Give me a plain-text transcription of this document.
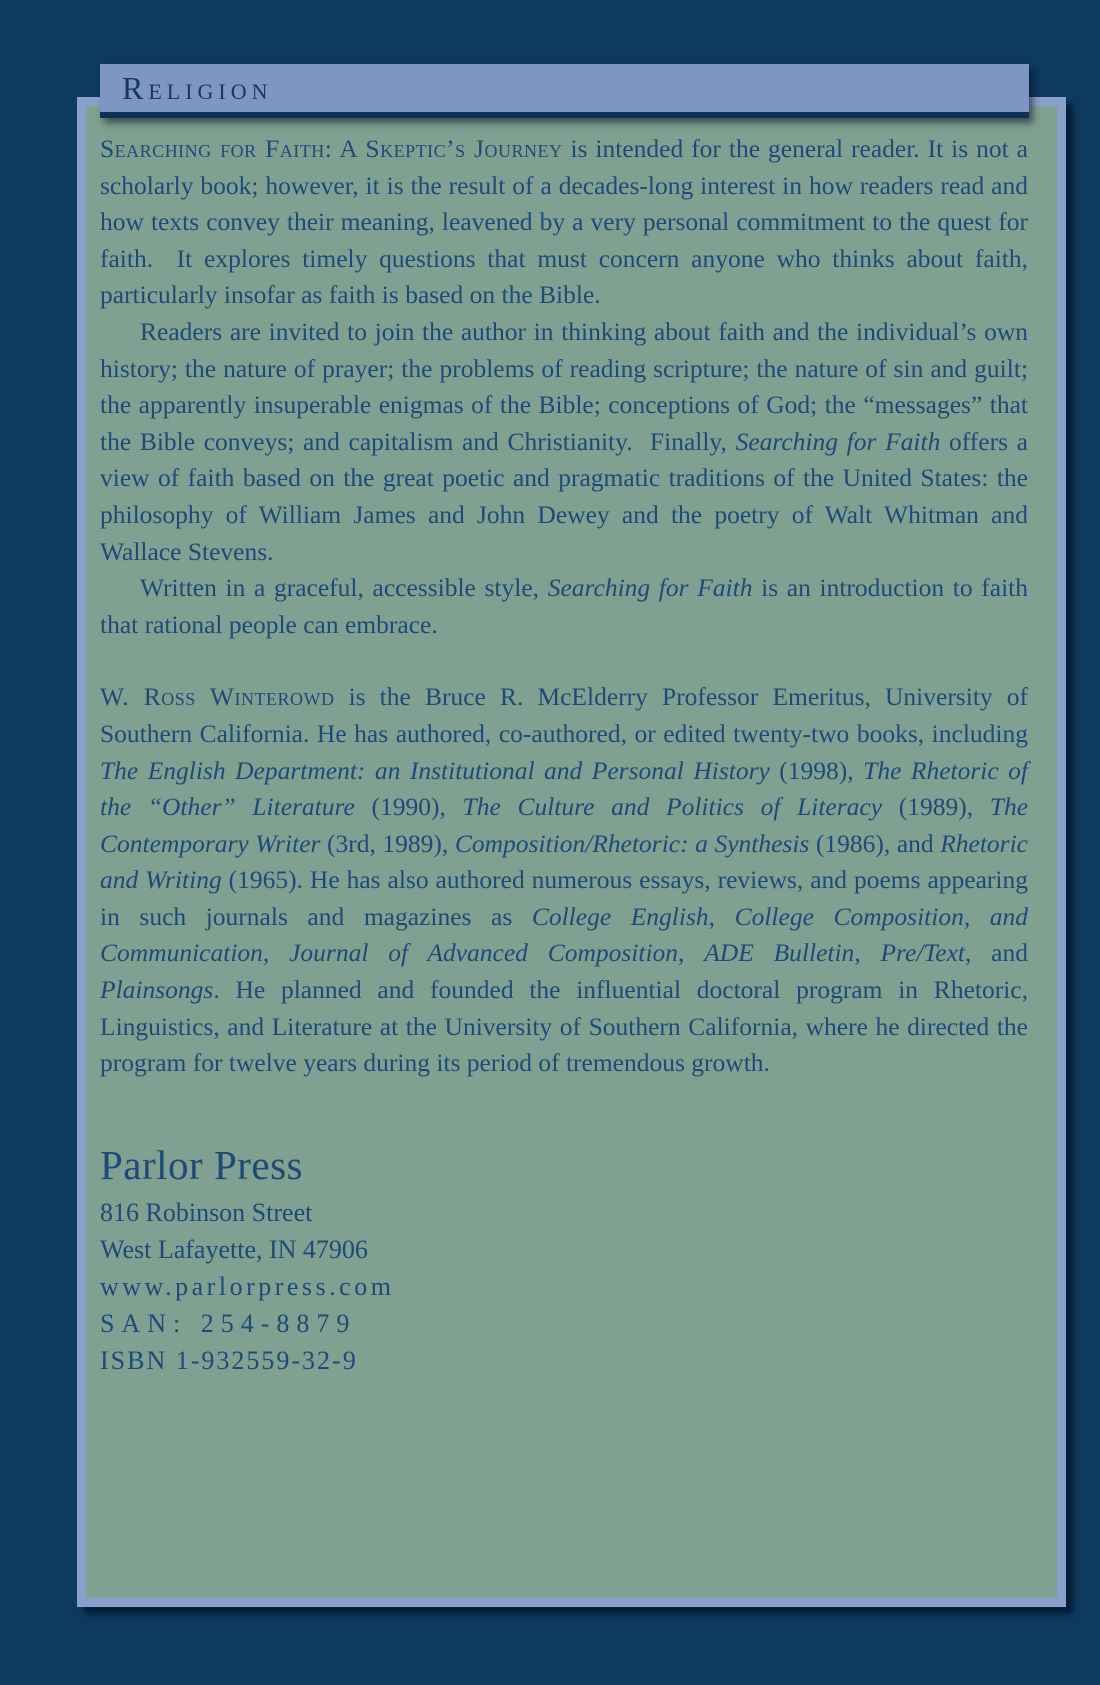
Religion

Searching for Faith: A Skeptic’s Journey is intended for the general reader. It is not a scholarly book; however, it is the result of a decades-long interest in how readers read and how texts convey their meaning, leavened by a very personal commitment to the quest for faith.  It explores timely questions that must concern anyone who thinks about faith, particularly insofar as faith is based on the Bible.

Readers are invited to join the author in thinking about faith and the individual’s own history; the nature of prayer; the problems of reading scripture; the nature of sin and guilt; the apparently insuperable enigmas of the Bible; conceptions of God; the “messages” that the Bible conveys; and capitalism and Christianity.  Finally, Searching for Faith offers a view of faith based on the great poetic and pragmatic traditions of the United States: the philosophy of William James and John Dewey and the poetry of Walt Whitman and Wallace Stevens.

Written in a graceful, accessible style, Searching for Faith is an introduction to faith that rational people can embrace.

W. Ross Winterowd is the Bruce R. McElderry Professor Emeritus, University of Southern California. He has authored, co-authored, or edited twenty-two books, including The English Department: an Institutional and Personal History (1998), The Rhetoric of the “Other” Literature (1990), The Culture and Politics of Literacy (1989), The Contemporary Writer (3rd, 1989), Composition/Rhetoric: a Synthesis (1986), and Rhetoric and Writing (1965). He has also authored numerous essays, reviews, and poems appearing in such journals and magazines as College English, College Composition, and Communication, Journal of Advanced Composition, ADE Bulletin, Pre/Text, and Plainsongs. He planned and founded the influential doctoral program in Rhetoric, Linguistics, and Literature at the University of Southern California, where he directed the program for twelve years during its period of tremendous growth.

Parlor Press
816 Robinson Street
West Lafayette, IN 47906
www.parlorpress.com
SAN: 254-8879
ISBN 1-932559-32-9
